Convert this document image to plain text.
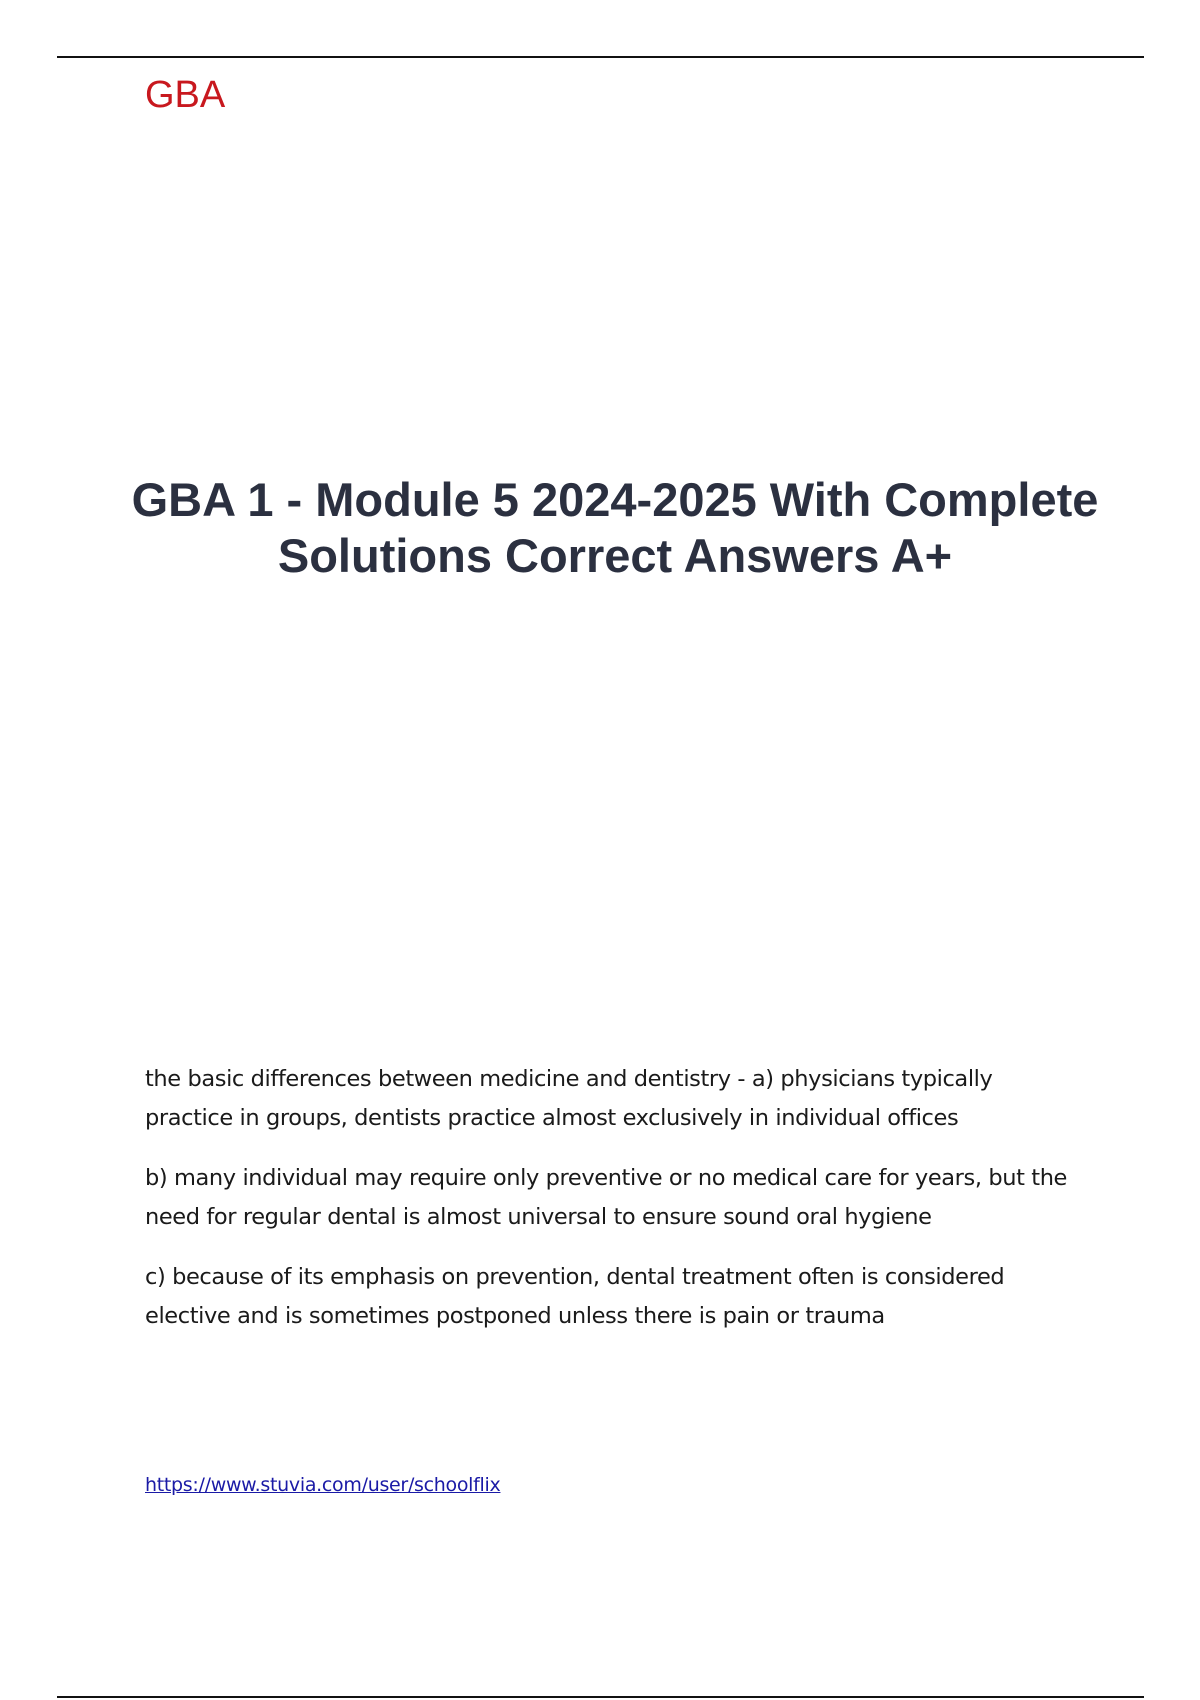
GBA
GBA 1 - Module 5 2024-2025 With Complete Solutions Correct Answers A+

the basic differences between medicine and dentistry - a) physicians typically practice in groups, dentists practice almost exclusively in individual offices

b) many individual may require only preventive or no medical care for years, but the need for regular dental is almost universal to ensure sound oral hygiene

c) because of its emphasis on prevention, dental treatment often is considered elective and is sometimes postponed unless there is pain or trauma

https://www.stuvia.com/user/schoolflix
